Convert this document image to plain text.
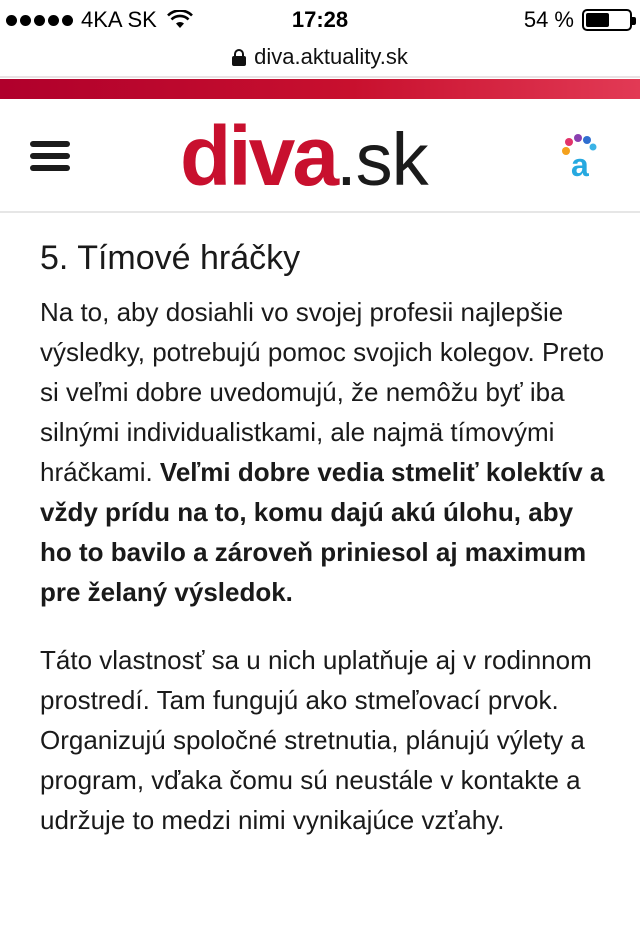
4KA SK	17:28	54 %
diva.aktuality.sk
diva .sk	a
5. Tímové hráčky

Na to, aby dosiahli vo svojej profesii najlepšie výsledky, potrebujú pomoc svojich kolegov. Preto si veľmi dobre uvedomujú, že nemôžu byť iba silnými individualistkami, ale najmä tímovými hráčkami. Veľmi dobre vedia stmeliť kolektív a vždy prídu na to, komu dajú akú úlohu, aby ho to bavilo a zároveň priniesol aj maximum pre želaný výsledok.

Táto vlastnosť sa u nich uplatňuje aj v rodinnom prostredí. Tam fungujú ako stmeľovací prvok. Organizujú spoločné stretnutia, plánujú výlety a program, vďaka čomu sú neustále v kontakte a udržuje to medzi nimi vynikajúce vzťahy.
